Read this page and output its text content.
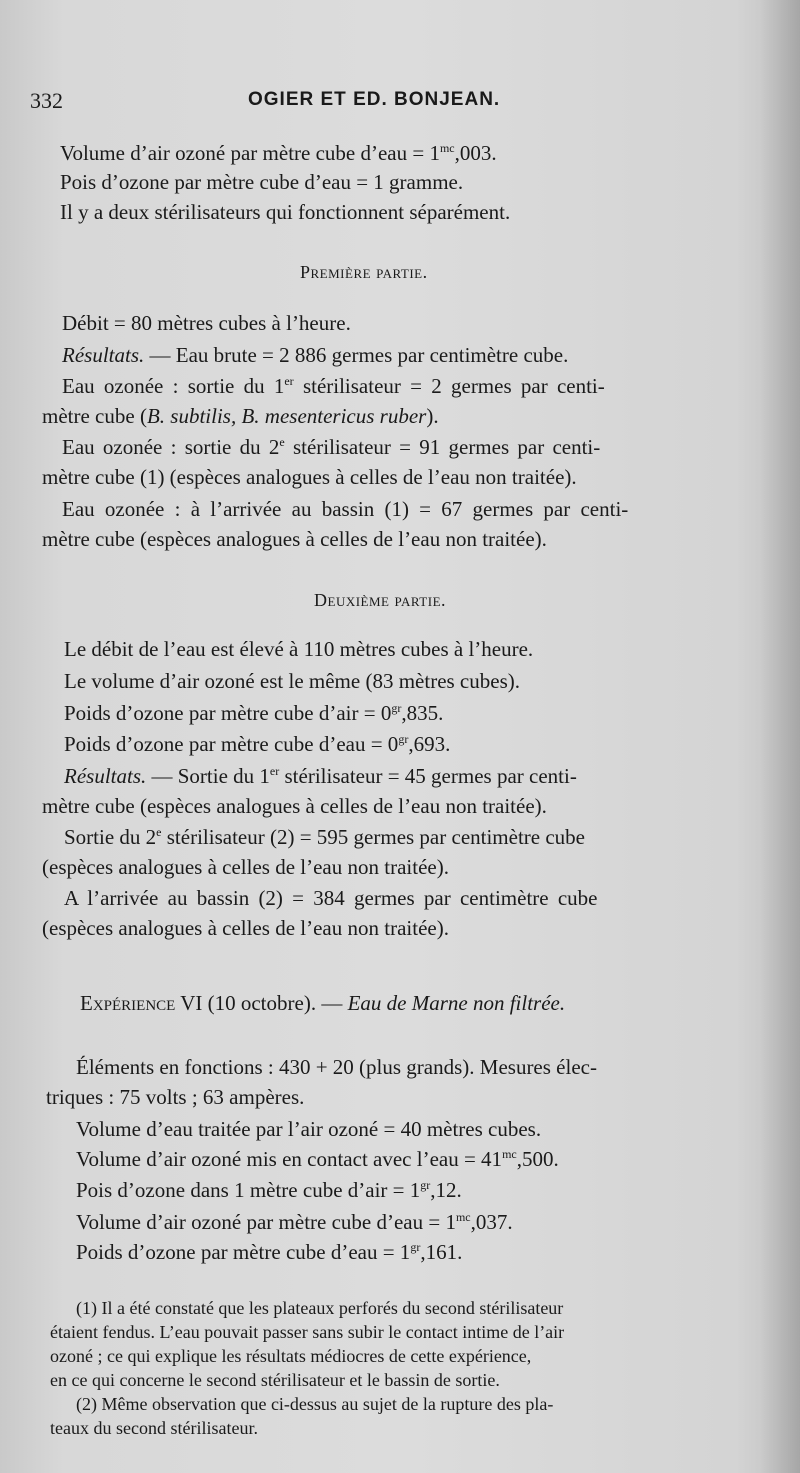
332	OGIER ET ED. BONJEAN.
Volume d’air ozoné par mètre cube d’eau = $1^{mc},003$.
Pois d’ozone par mètre cube d’eau = 1 gramme.
Il y a deux stérilisateurs qui fonctionnent séparément.
Première partie.
Débit = 80 mètres cubes à l’heure.
Résultats. — Eau brute = 2 886 germes par centimètre cube.
Eau ozonée : sortie du 1er stérilisateur = 2 germes par centi-
mètre cube (B. subtilis, B. mesentericus ruber).
Eau ozonée : sortie du 2e stérilisateur = 91 germes par centi-
mètre cube (1) (espèces analogues à celles de l’eau non traitée).
Eau ozonée : à l’arrivée au bassin (1) = 67 germes par centi-
mètre cube (espèces analogues à celles de l’eau non traitée).
Deuxième partie.
Le débit de l’eau est élevé à 110 mètres cubes à l’heure.
Le volume d’air ozoné est le même (83 mètres cubes).
Poids d’ozone par mètre cube d’air = $0^{gr},835$.
Poids d’ozone par mètre cube d’eau = $0^{gr},693$.
Résultats. — Sortie du 1er stérilisateur = 45 germes par centi-
mètre cube (espèces analogues à celles de l’eau non traitée).
Sortie du 2e stérilisateur (2) = 595 germes par centimètre cube
(espèces analogues à celles de l’eau non traitée).
A l’arrivée au bassin (2) = 384 germes par centimètre cube
(espèces analogues à celles de l’eau non traitée).
Expérience VI (10 octobre). — Eau de Marne non filtrée.
Éléments en fonctions : 430 + 20 (plus grands). Mesures élec-
triques : 75 volts ; 63 ampères.
Volume d’eau traitée par l’air ozoné = 40 mètres cubes.
Volume d’air ozoné mis en contact avec l’eau = $41^{mc},500$.
Pois d’ozone dans 1 mètre cube d’air = $1^{gr},12$.
Volume d’air ozoné par mètre cube d’eau = $1^{mc},037$.
Poids d’ozone par mètre cube d’eau = $1^{gr},161$.
(1) Il a été constaté que les plateaux perforés du second stérilisateur
étaient fendus. L’eau pouvait passer sans subir le contact intime de l’air
ozoné ; ce qui explique les résultats médiocres de cette expérience,
en ce qui concerne le second stérilisateur et le bassin de sortie.
(2) Même observation que ci-dessus au sujet de la rupture des pla-
teaux du second stérilisateur.
